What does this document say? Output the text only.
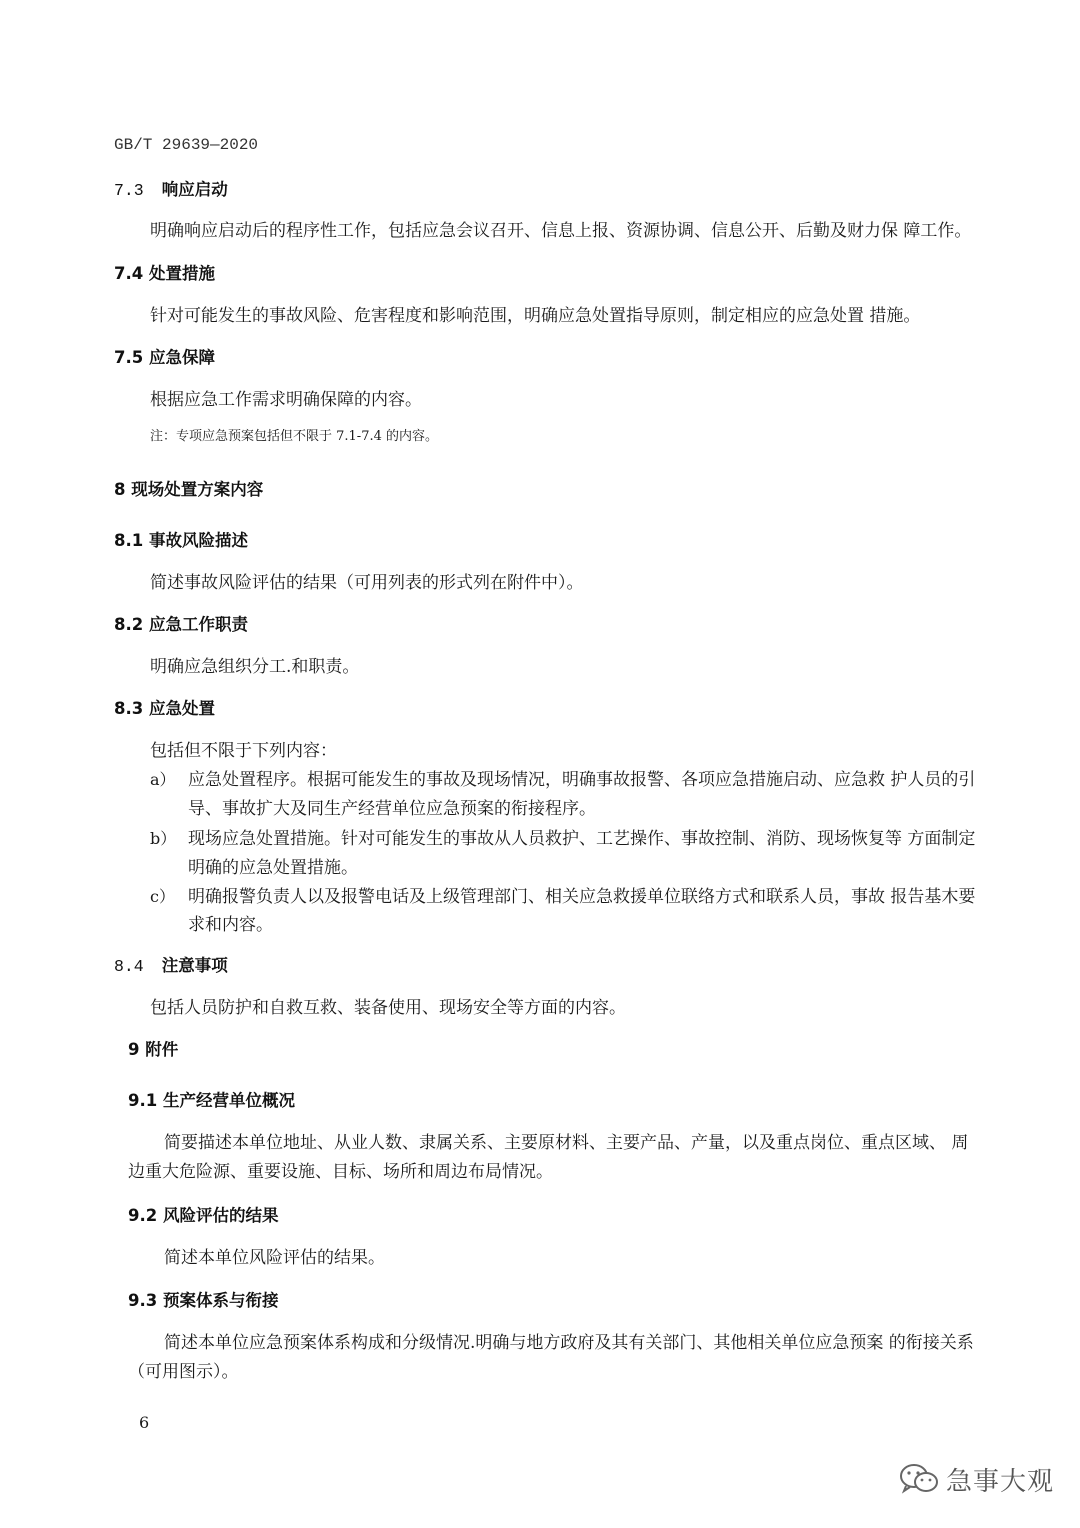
GB/T 29639—2020
7.3 响应启动
明确响应启动后的程序性工作，包括应急会议召开、信息上报、资源协调、信息公开、后勤及财力保 障工作。
7.4 处置措施
针对可能发生的事故风险、危害程度和影响范围，明确应急处置指导原则，制定相应的应急处置 措施。
7.5 应急保障
根据应急工作需求明确保障的内容。
注：专项应急预案包括但不限于 7.1-7.4 的内容。
8 现场处置方案内容
8.1 事故风险描述
简述事故风险评估的结果（可用列表的形式列在附件中）。
8.2 应急工作职责
明确应急组织分工.和职责。
8.3 应急处置
包括但不限于下列内容：
a） 应急处置程序。根据可能发生的事故及现场情况，明确事故报警、各项应急措施启动、应急救 护人员的引
导、事故扩大及同生产经营单位应急预案的衔接程序。
b） 现场应急处置措施。针对可能发生的事故从人员救护、工艺操作、事故控制、消防、现场恢复等 方面制定
明确的应急处置措施。
c） 明确报警负责人以及报警电话及上级管理部门、相关应急救援单位联络方式和联系人员，事故 报告基木要
求和内容。
8.4 注意事项
包括人员防护和自救互救、装备使用、现场安全等方面的内容。
9 附件
9.1 生产经营单位概况
简要描述本单位地址、从业人数、隶属关系、主要原材料、主要产品、产量，以及重点岗位、重点区域、 周
边重大危险源、重要设施、目标、场所和周边布局情况。
9.2 风险评估的结果
简述本单位风险评估的结果。
9.3 预案体系与衔接
简述本单位应急预案体系构成和分级情况.明确与地方政府及其有关部门、其他相关单位应急预案 的衔接关系
（可用图示）。
6
急事大观
